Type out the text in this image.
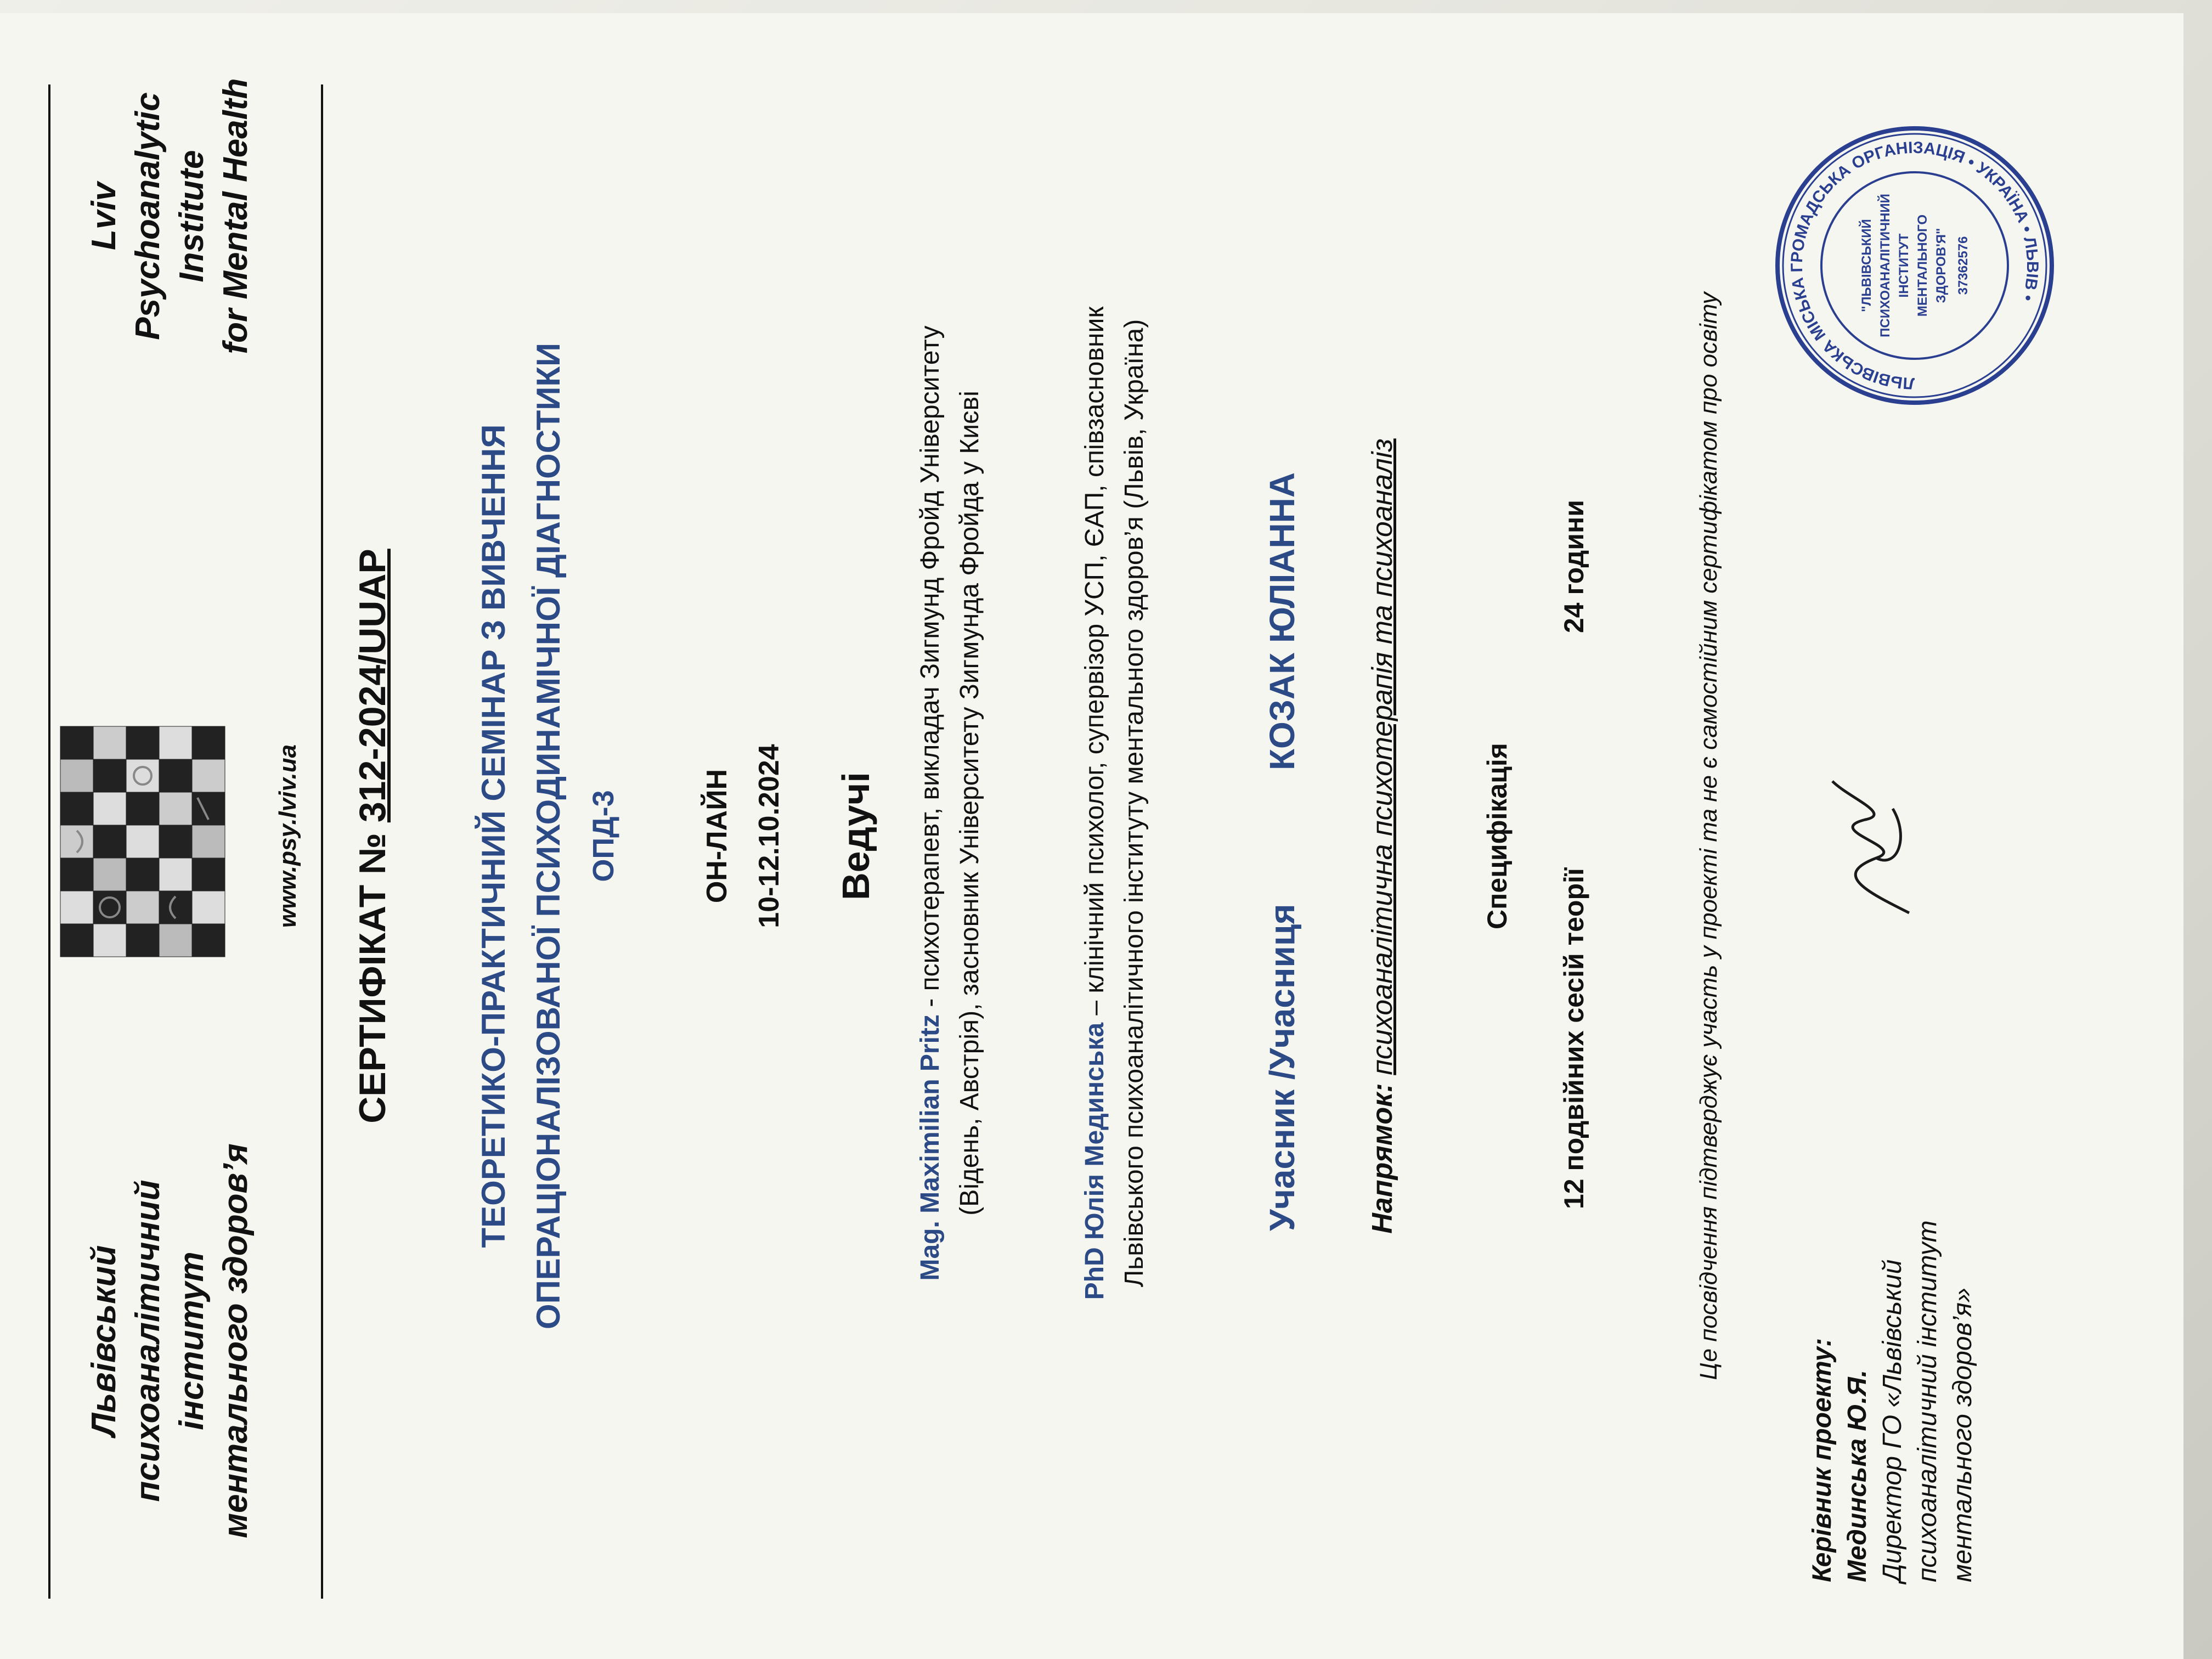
Львівський психоаналітичний інститут ментального здоров’я
www.psy.lviv.ua
Lviv Psychoanalytic Institute for Mental Health
СЕРТИФІКАТ № 312-2024/UUAP ТЕОРЕТИКО-ПРАКТИЧНИЙ СЕМІНАР З ВИВЧЕННЯ ОПЕРАЦІОНАЛІЗОВАНОЇ ПСИХОДИНАМІЧНОЇ ДІАГНОСТИКИ ОПД-3	ОН-ЛАЙН 10-12.10.2024 Ведучі
Mag. Maximilian Pritz - психотерапевт, викладач Зигмунд Фройд Університету (Відень, Австрія), засновник Університету Зигмунда Фройда у Києві	PhD Юлія Мединська – клінічний психолог, супервізор УСП, ЄАП, співзасновник Львівського психоаналітичного інституту ментального здоров’я (Львів, Україна)	Учасник /Учасниця
КОЗАК ЮЛІАННА
Напрямок: психоаналітична психотерапія та психоаналіз	Специфікація
12 подвійних сесій теорії
24 години	Це посвідчення підтверджує участь у проекті та не є самостійним сертифікатом про освіту
Керівник проекту: Мединська Ю.Я. Директор ГО «Львівський психоаналітичний інститут ментального здоров’я»
ЛЬВІВСЬКА МІСЬКА ГРОМАДСЬКА ОРГАНІЗАЦІЯ • УКРАЇНА • ЛЬВІВ •
"ЛЬВІВСЬКИЙ ПСИХОАНАЛІТИЧНИЙ ІНСТИТУТ МЕНТАЛЬНОГО ЗДОРОВ'Я" 37362576
